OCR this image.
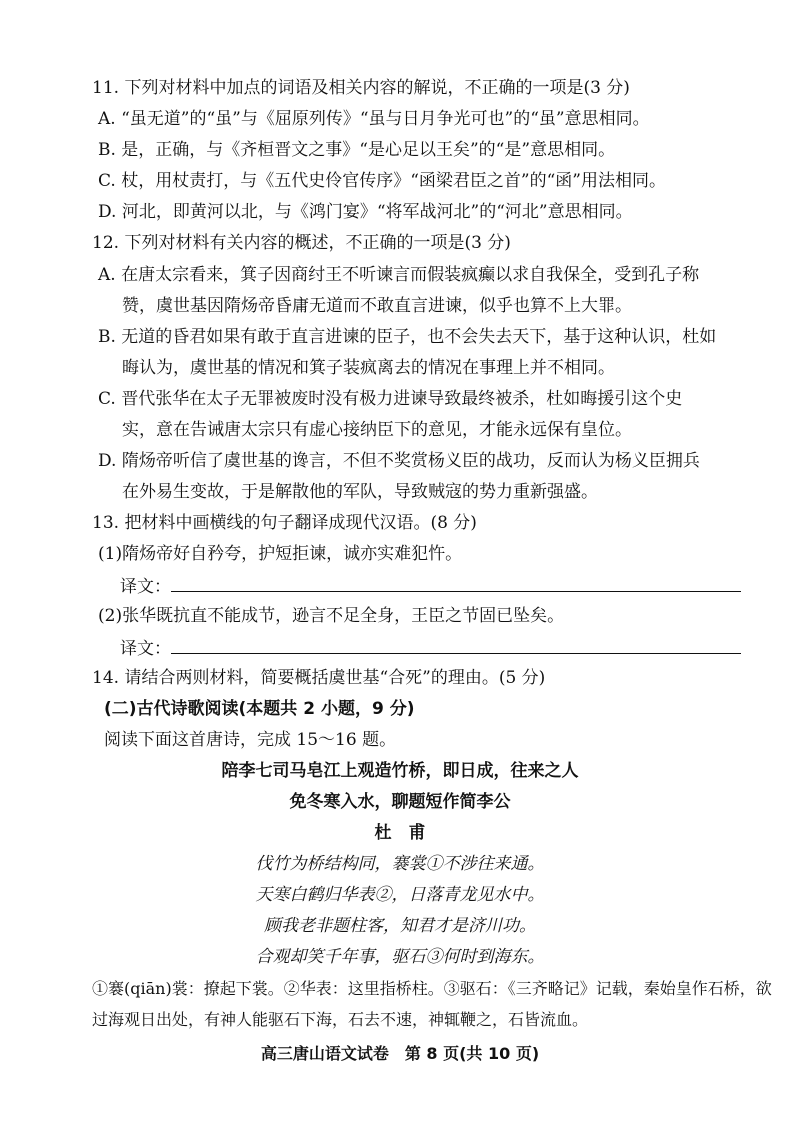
11. 下列对材料中加点的词语及相关内容的解说，不正确的一项是(3 分)
A. “虽无道”的“虽”与《屈原列传》“虽与日月争光可也”的“虽”意思相同。
B. 是，正确，与《齐桓晋文之事》“是心足以王矣”的“是”意思相同。
C. 杖，用杖责打，与《五代史伶官传序》“函梁君臣之首”的“函”用法相同。
D. 河北，即黄河以北，与《鸿门宴》“将军战河北”的“河北”意思相同。
12. 下列对材料有关内容的概述，不正确的一项是(3 分)
A. 在唐太宗看来，箕子因商纣王不听谏言而假装疯癫以求自我保全，受到孔子称
赞，虞世基因隋炀帝昏庸无道而不敢直言进谏，似乎也算不上大罪。
B. 无道的昏君如果有敢于直言进谏的臣子，也不会失去天下，基于这种认识，杜如
晦认为，虞世基的情况和箕子装疯离去的情况在事理上并不相同。
C. 晋代张华在太子无罪被废时没有极力进谏导致最终被杀，杜如晦援引这个史
实，意在告诫唐太宗只有虚心接纳臣下的意见，才能永远保有皇位。
D. 隋炀帝听信了虞世基的谗言，不但不奖赏杨义臣的战功，反而认为杨义臣拥兵
在外易生变故，于是解散他的军队，导致贼寇的势力重新强盛。
13. 把材料中画横线的句子翻译成现代汉语。(8 分)
(1)隋炀帝好自矜夸，护短拒谏，诚亦实难犯忤。
译文：
(2)张华既抗直不能成节，逊言不足全身，王臣之节固已坠矣。
译文：
14. 请结合两则材料，简要概括虞世基“合死”的理由。(5 分)
(二)古代诗歌阅读(本题共 2 小题，9 分)
阅读下面这首唐诗，完成 15～16 题。
陪李七司马皂江上观造竹桥，即日成，往来之人
免冬寒入水，聊题短作简李公
杜　甫
伐竹为桥结构同，褰裳①不涉往来通。
天寒白鹤归华表②，日落青龙见水中。
顾我老非题柱客，知君才是济川功。
合观却笑千年事，驱石③何时到海东。
①褰(qiān)裳：撩起下裳。②华表：这里指桥柱。③驱石：《三齐略记》记载，秦始皇作石桥，欲
过海观日出处，有神人能驱石下海，石去不速，神辄鞭之，石皆流血。
高三唐山语文试卷　第 8 页(共 10 页)
